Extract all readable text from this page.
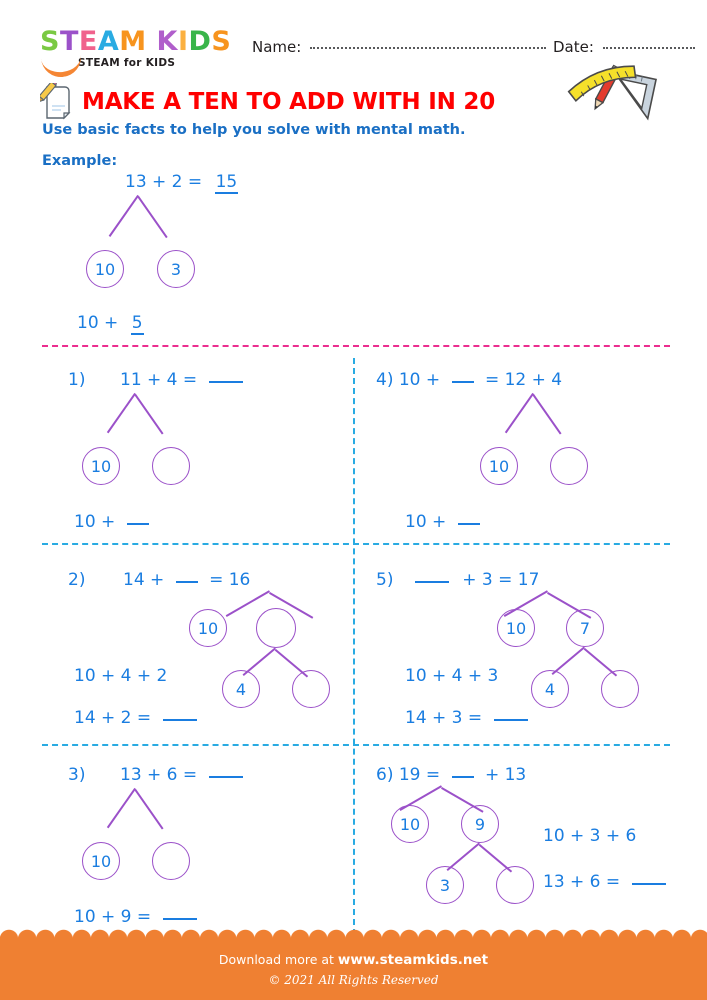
STEAM KIDS
STEAM for KIDS
Name:	Date:
MAKE A TEN TO ADD WITH IN 20
Use basic facts to help you solve with mental math.
Example:
13 + 2 = 15
10	3
10 + 5
1) 11 + 4 =
10
10 +
4) 10 +	= 12 + 4
10
10 +
2) 14 +	= 16
10
4
10 + 4 + 2
14 + 2 =
5)	+ 3 = 17
10	7
4
10 + 4 + 3
14 + 3 =
3) 13 + 6 =
10
10 + 9 =
6) 19 =	+ 13
10	9
3
10 + 3 + 6
13 + 6 =
Download more at www.steamkids.net
© 2021 All Rights Reserved
